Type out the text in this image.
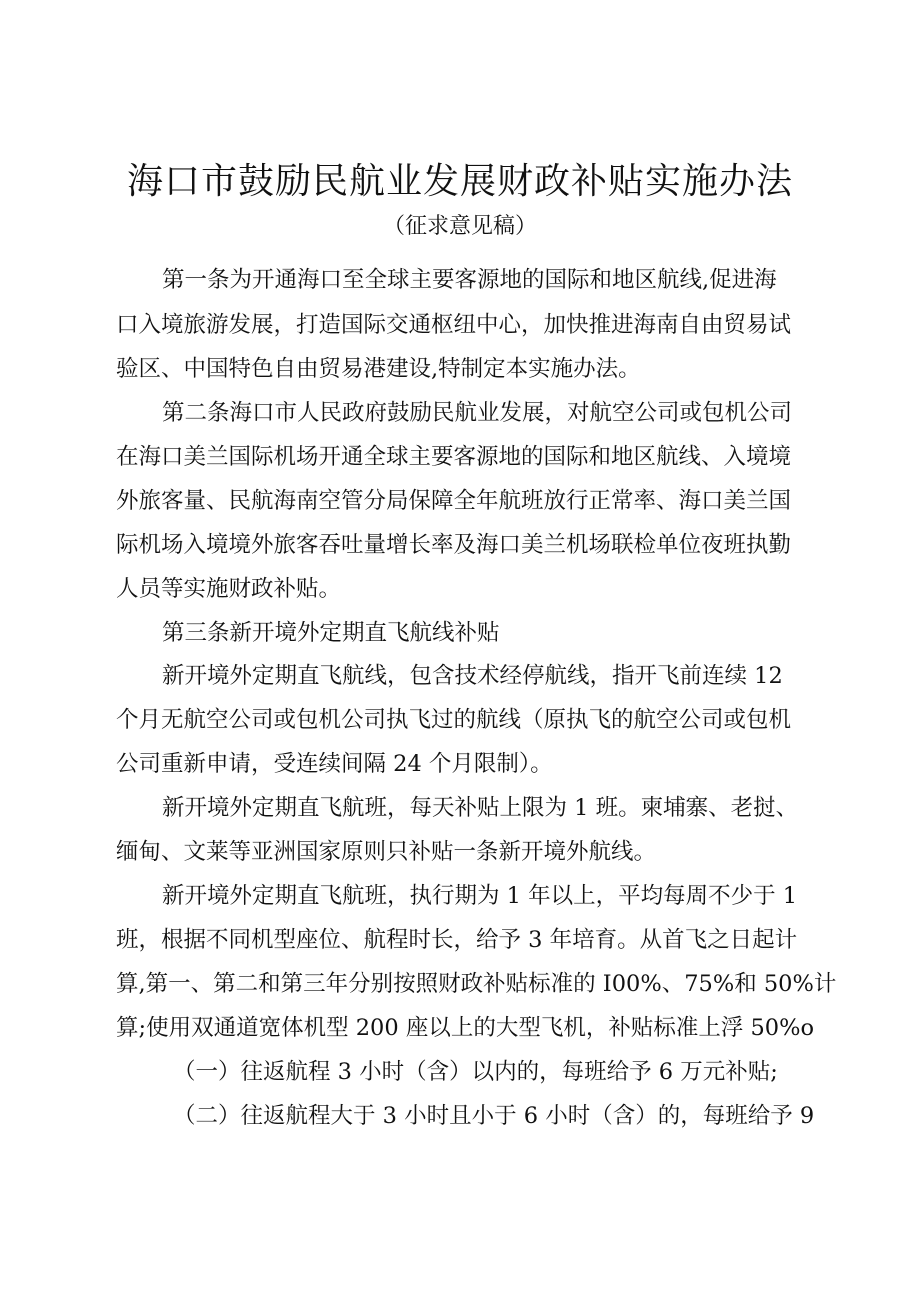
海口市鼓励民航业发展财政补贴实施办法
（征求意见稿）
第一条为开通海口至全球主要客源地的国际和地区航线,促进海
口入境旅游发展，打造国际交通枢纽中心，加快推进海南自由贸易试
验区、中国特色自由贸易港建设,特制定本实施办法。
第二条海口市人民政府鼓励民航业发展，对航空公司或包机公司
在海口美兰国际机场开通全球主要客源地的国际和地区航线、入境境
外旅客量、民航海南空管分局保障全年航班放行正常率、海口美兰国
际机场入境境外旅客吞吐量增长率及海口美兰机场联检单位夜班执勤
人员等实施财政补贴。
第三条新开境外定期直飞航线补贴
新开境外定期直飞航线，包含技术经停航线，指开飞前连续 12
个月无航空公司或包机公司执飞过的航线（原执飞的航空公司或包机
公司重新申请，受连续间隔 24 个月限制）。
新开境外定期直飞航班，每天补贴上限为 1 班。柬埔寨、老挝、
缅甸、文莱等亚洲国家原则只补贴一条新开境外航线。
新开境外定期直飞航班，执行期为 1 年以上，平均每周不少于 1
班，根据不同机型座位、航程时长，给予 3 年培育。从首飞之日起计
算,第一、第二和第三年分别按照财政补贴标准的 I00%、75%和 50%计
算;使用双通道宽体机型 200 座以上的大型飞机，补贴标准上浮 50%o
（一）往返航程 3 小时（含）以内的，每班给予 6 万元补贴;
（二）往返航程大于 3 小时且小于 6 小时（含）的，每班给予 9
